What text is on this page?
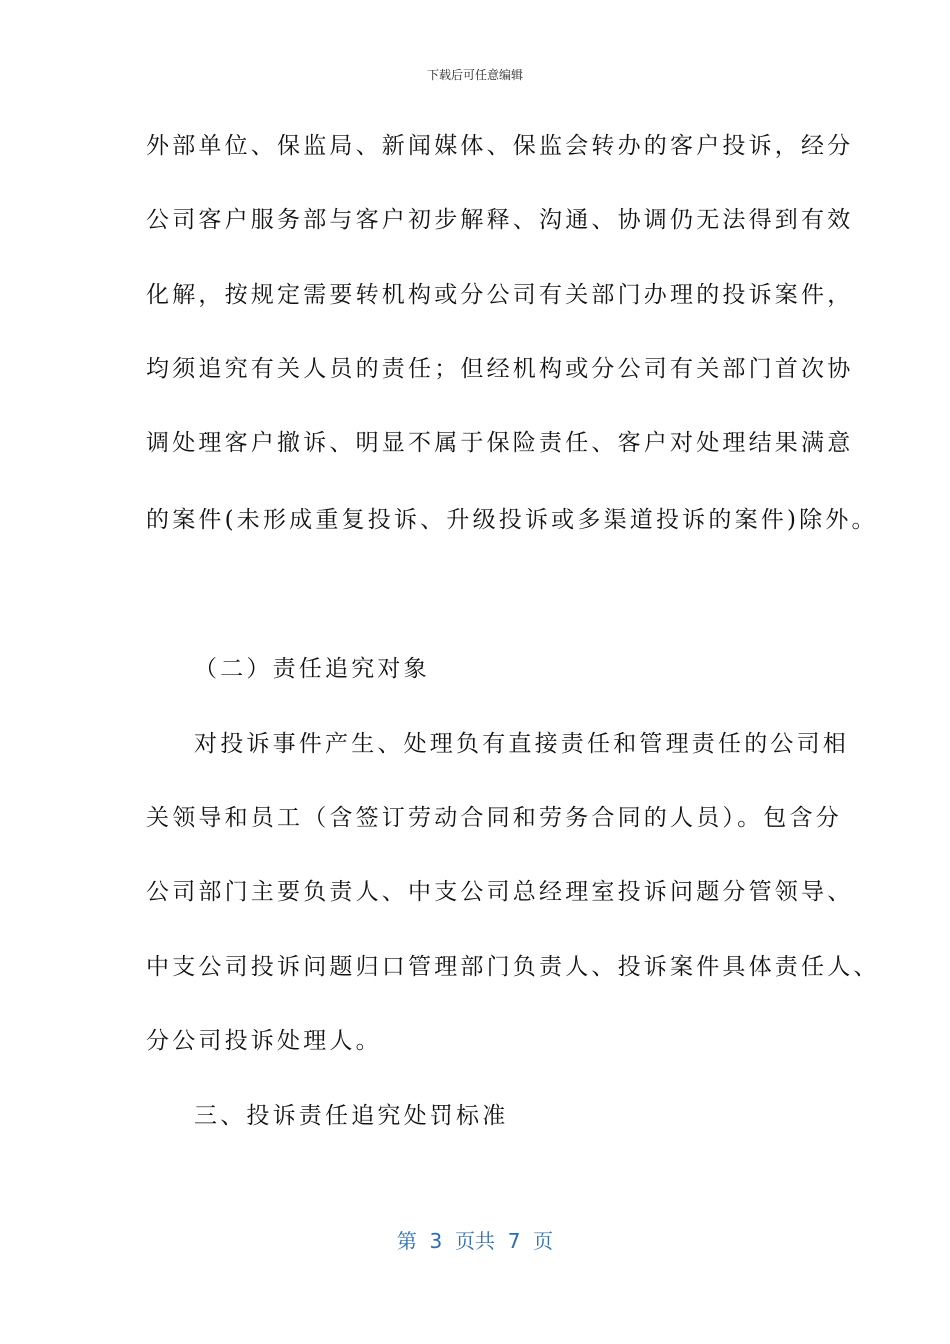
下载后可任意编辑
外部单位、保监局、新闻媒体、保监会转办的客户投诉，经分
公司客户服务部与客户初步解释、沟通、协调仍无法得到有效
化解，按规定需要转机构或分公司有关部门办理的投诉案件，
均须追究有关人员的责任；但经机构或分公司有关部门首次协
调处理客户撤诉、明显不属于保险责任、客户对处理结果满意
的案件(未形成重复投诉、升级投诉或多渠道投诉的案件)除外。
（二）责任追究对象
对投诉事件产生、处理负有直接责任和管理责任的公司相
关领导和员工（含签订劳动合同和劳务合同的人员）。包含分
公司部门主要负责人、中支公司总经理室投诉问题分管领导、
中支公司投诉问题归口管理部门负责人、投诉案件具体责任人、
分公司投诉处理人。
三、投诉责任追究处罚标准
第  3  页共  7  页
